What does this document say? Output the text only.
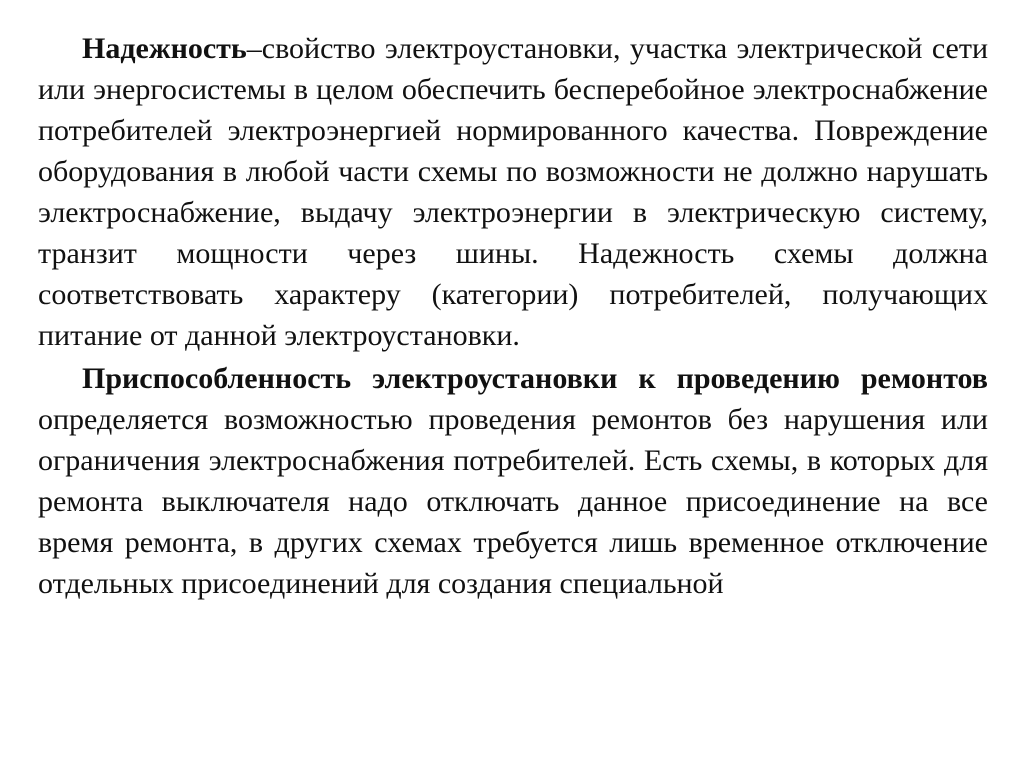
Надежность–свойство электроустановки, участка электрической сети или энергосистемы в целом обеспечить бесперебойное электроснабжение потребителей электроэнергией нормированного качества. Повреждение оборудования в любой части схемы по возможности не должно нарушать электроснабжение, выдачу электроэнергии в электрическую систему, транзит мощности через шины. Надежность схемы должна соответствовать характеру (категории) потребителей, получающих питание от данной электроустановки.

Приспособленность электроустановки к проведению ремонтов определяется возможностью проведения ремонтов без нарушения или ограничения электроснабжения потребителей. Есть схемы, в которых для ремонта выключателя надо отключать данное присоединение на все время ремонта, в других схемах требуется лишь временное отключение отдельных присоединений для создания специальной
